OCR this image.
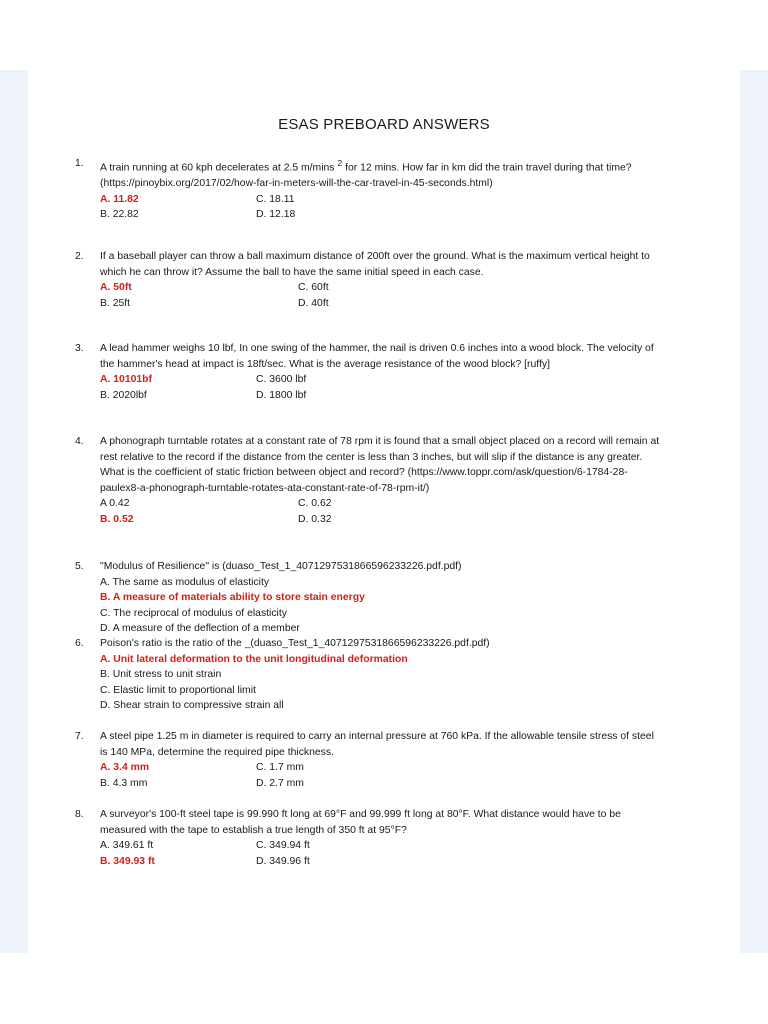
ESAS PREBOARD ANSWERS
1. A train running at 60 kph decelerates at 2.5 m/mins $^2$ for 12 mins. How far in km did the train travel during that time? (https://pinoybix.org/2017/02/how-far-in-meters-will-the-car-travel-in-45-seconds.html)
A. 11.82	C. 18.11
B. 22.82	D. 12.18
2. If a baseball player can throw a ball maximum distance of 200ft over the ground. What is the maximum vertical height to which he can throw it? Assume the ball to have the same initial speed in each case.
A. 50ft	C. 60ft
B. 25ft	D. 40ft
3. A lead hammer weighs 10 lbf, In one swing of the hammer, the nail is driven 0.6 inches into a wood block. The velocity of the hammer's head at impact is 18ft/sec. What is the average resistance of the wood block? [ruffy]
A. 10101bf	C. 3600 lbf
B. 2020lbf	D. 1800 lbf
4. A phonograph turntable rotates at a constant rate of 78 rpm it is found that a small object placed on a record will remain at rest relative to the record if the distance from the center is less than 3 inches, but will slip if the distance is any greater. What is the coefficient of static friction between object and record? (https://www.toppr.com/ask/question/6-1784-28-paulex8-a-phonograph-turntable-rotates-ata-constant-rate-of-78-rpm-it/)
A 0.42	C. 0.62
B. 0.52	D. 0.32
5. "Modulus of Resilience" is (duaso_Test_1_4071297531866596233226.pdf.pdf)
A. The same as modulus of elasticity
B. A measure of materials ability to store stain energy
C. The reciprocal of modulus of elasticity
D. A measure of the deflection of a member
6. Poison's ratio is the ratio of the _(duaso_Test_1_4071297531866596233226.pdf.pdf)
A. Unit lateral deformation to the unit longitudinal deformation
B. Unit stress to unit strain
C. Elastic limit to proportional limit
D. Shear strain to compressive strain all
7. A steel pipe 1.25 m in diameter is required to carry an internal pressure at 760 kPa. If the allowable tensile stress of steel is 140 MPa, determine the required pipe thickness.
A. 3.4 mm	C. 1.7 mm
B. 4.3 mm	D. 2.7 mm
8. A surveyor's 100-ft steel tape is 99.990 ft long at 69°F and 99.999 ft long at 80°F. What distance would have to be measured with the tape to establish a true length of 350 ft at 95°F?
A. 349.61 ft	C. 349.94 ft
B. 349.93 ft	D. 349.96 ft
